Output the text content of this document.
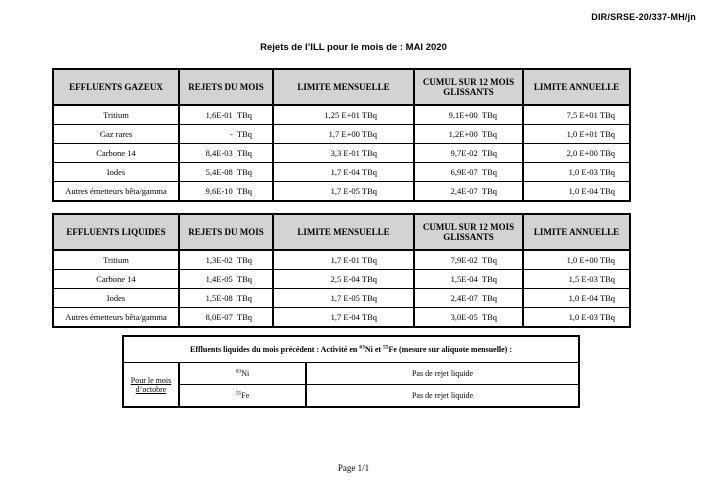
DIR/SRSE-20/337-MH/jn
Rejets de l’ILL pour le mois de : MAI 2020
EFFLUENTS GAZEUX	REJETS DU MOIS	LIMITE MENSUELLE	CUMUL SUR 12 MOIS GLISSANTS	LIMITE ANNUELLE
Tritium	1,6E-01  TBq	1,25 E+01 TBq	9,1E+00  TBq	7,5 E+01 TBq
Gaz rares	-  TBq	1,7 E+00 TBq	1,2E+00  TBq	1,0 E+01 TBq
Carbone 14	8,4E-03  TBq	3,3 E-01 TBq	9,7E-02  TBq	2,0 E+00 TBq
Iodes	5,4E-08  TBq	1,7 E-04 TBq	6,9E-07  TBq	1,0 E-03 TBq
Autres émetteurs bêta/gamma	9,6E-10  TBq	1,7 E-05 TBq	2,4E-07  TBq	1,0 E-04 TBq
EFFLUENTS LIQUIDES	REJETS DU MOIS	LIMITE MENSUELLE	CUMUL SUR 12 MOIS GLISSANTS	LIMITE ANNUELLE
Tritium	1,3E-02  TBq	1,7 E-01 TBq	7,9E-02  TBq	1,0 E+00 TBq
Carbone 14	1,4E-05  TBq	2,5 E-04 TBq	1,5E-04  TBq	1,5 E-03 TBq
Iodes	1,5E-08  TBq	1,7 E-05 TBq	2,4E-07  TBq	1,0 E-04 TBq
Autres émetteurs bêta/gamma	8,0E-07  TBq	1,7 E-04 TBq	3,0E-05  TBq	1,0 E-03 TBq
Effluents liquides du mois précédent : Activité en $^{63}$Ni et $^{55}$Fe (mesure sur aliquote mensuelle) :		
Pour le mois d’octobre	$^{63}$Ni	Pas de rejet liquide
	$^{55}$Fe	Pas de rejet liquide
Page 1/1
